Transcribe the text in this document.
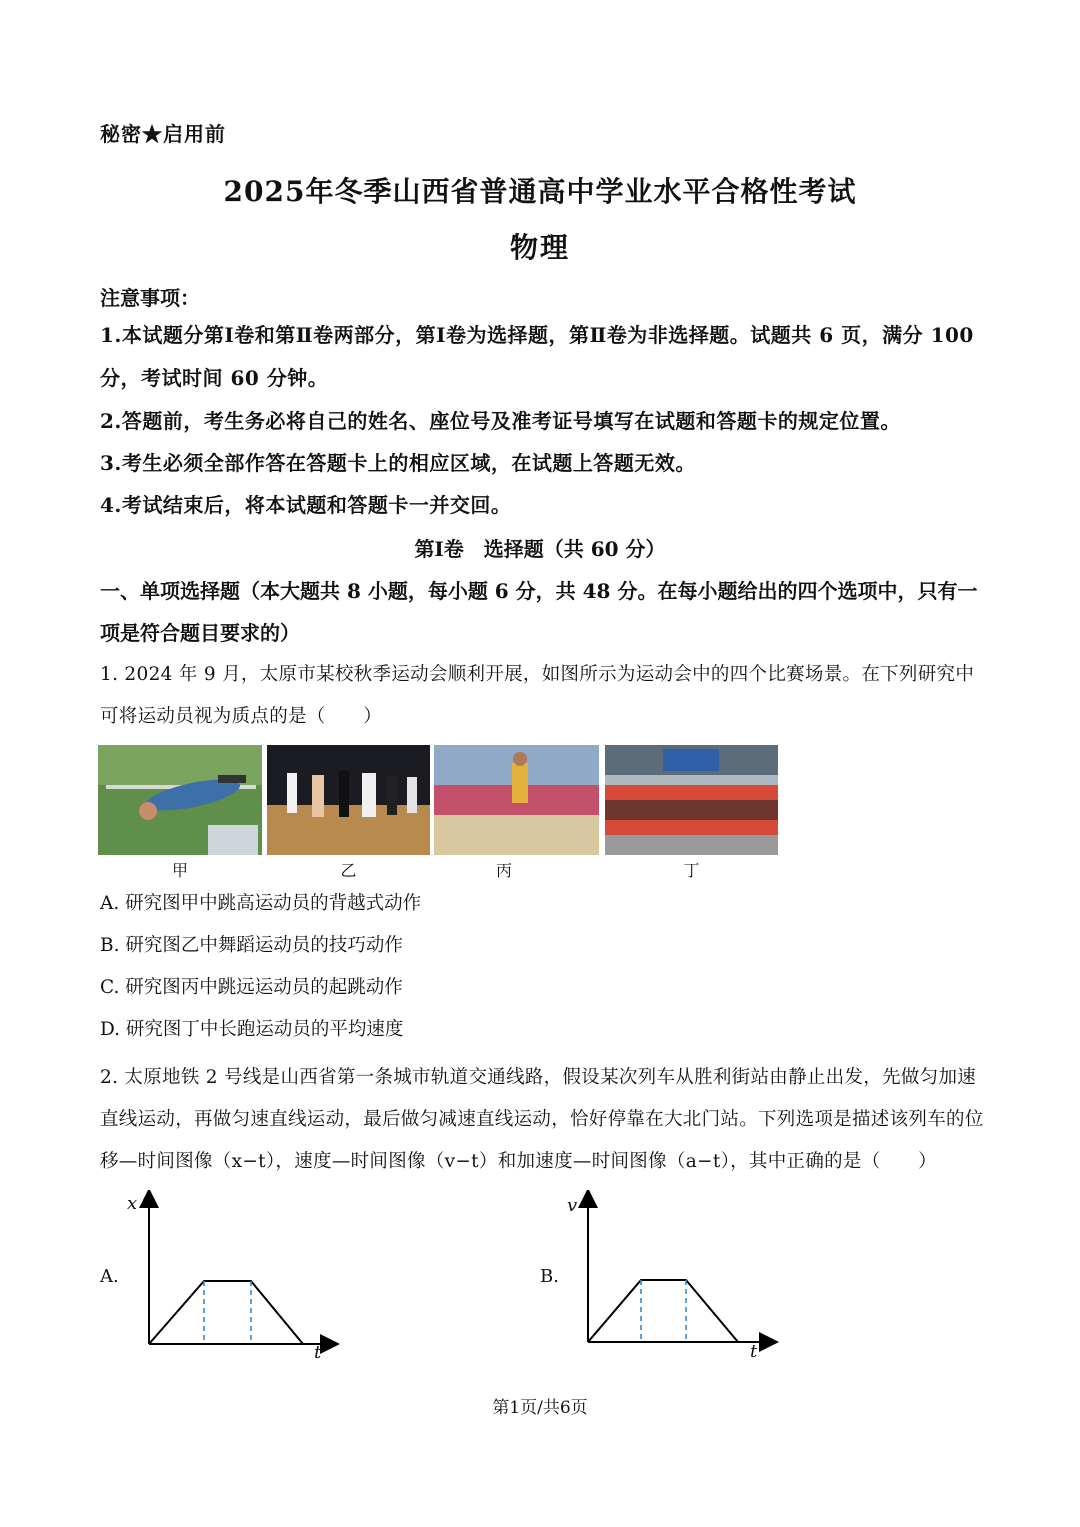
秘密★启用前
2025年冬季山西省普通高中学业水平合格性考试
物理
注意事项：
1.本试题分第Ⅰ卷和第Ⅱ卷两部分，第Ⅰ卷为选择题，第Ⅱ卷为非选择题。试题共 6 页，满分 100 分，考试时间 60 分钟。
2.答题前，考生务必将自己的姓名、座位号及准考证号填写在试题和答题卡的规定位置。
3.考生必须全部作答在答题卡上的相应区域，在试题上答题无效。
4.考试结束后，将本试题和答题卡一并交回。
第Ⅰ卷　选择题（共 60 分）
一、单项选择题（本大题共 8 小题，每小题 6 分，共 48 分。在每小题给出的四个选项中，只有一项是符合题目要求的）
1. 2024 年 9 月，太原市某校秋季运动会顺利开展，如图所示为运动会中的四个比赛场景。在下列研究中可将运动员视为质点的是（　　）
甲	乙	丙	丁
A. 研究图甲中跳高运动员的背越式动作
B. 研究图乙中舞蹈运动员的技巧动作
C. 研究图丙中跳远运动员的起跳动作
D. 研究图丁中长跑运动员的平均速度
2. 太原地铁 2 号线是山西省第一条城市轨道交通线路，假设某次列车从胜利街站由静止出发，先做匀加速直线运动，再做匀速直线运动，最后做匀减速直线运动，恰好停靠在大北门站。下列选项是描述该列车的位移—时间图像（x−t），速度—时间图像（v−t）和加速度—时间图像（a−t），其中正确的是（　　）
A.
x
t
B.
v
t
第1页/共6页
